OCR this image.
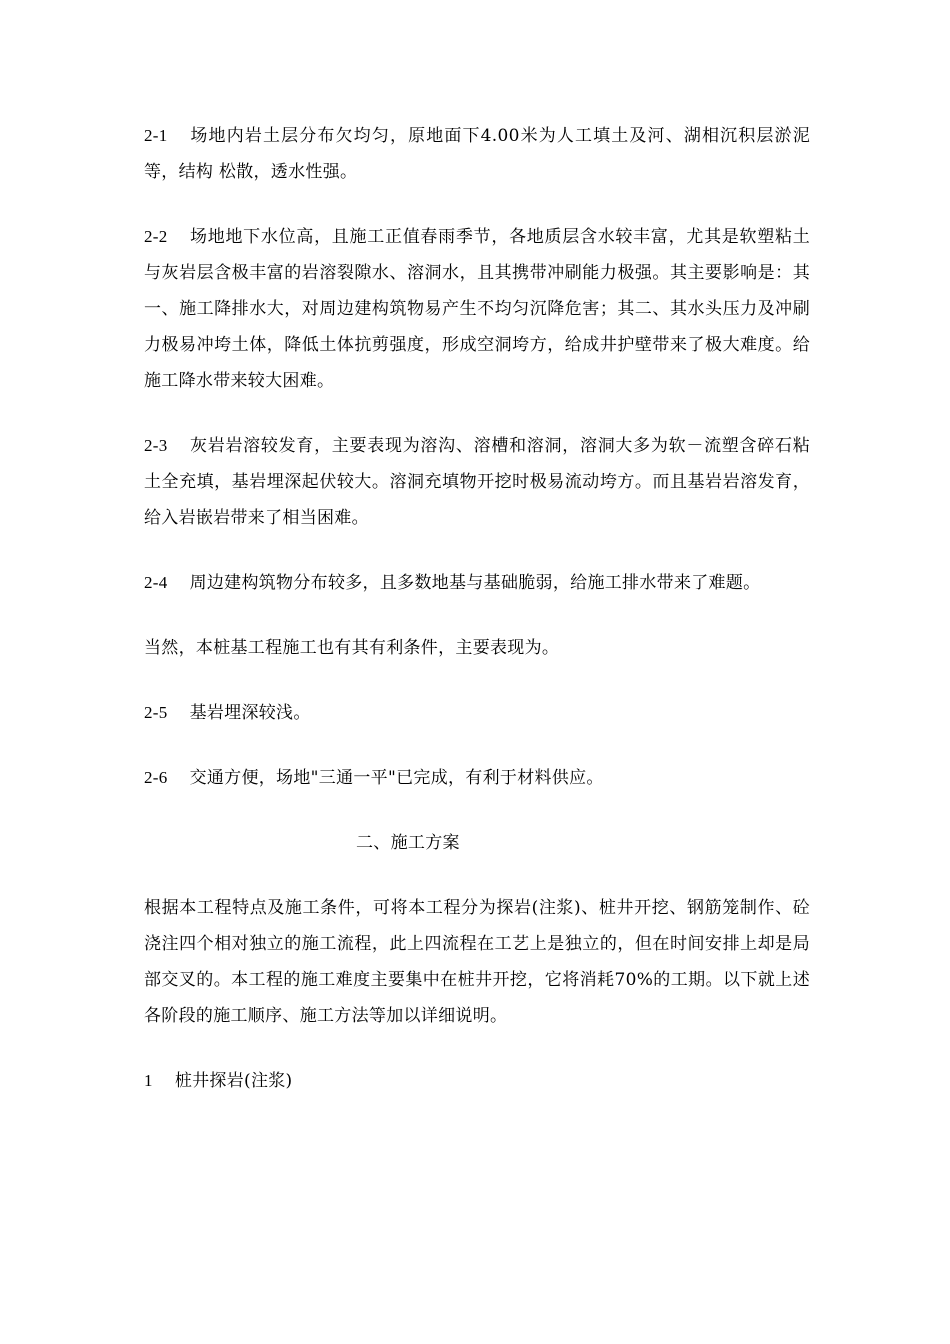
2-1 场地内岩土层分布欠均匀，原地面下4.00米为人工填土及河、湖相沉积层淤泥等，结构 松散，透水性强。

2-2 场地地下水位高，且施工正值春雨季节，各地质层含水较丰富，尤其是软塑粘土与灰岩层含极丰富的岩溶裂隙水、溶洞水，且其携带冲刷能力极强。其主要影响是：其一、施工降排水大，对周边建构筑物易产生不均匀沉降危害；其二、其水头压力及冲刷力极易冲垮土体，降低土体抗剪强度，形成空洞垮方，给成井护壁带来了极大难度。给施工降水带来较大困难。

2-3 灰岩岩溶较发育，主要表现为溶沟、溶槽和溶洞，溶洞大多为软－流塑含碎石粘土全充填，基岩埋深起伏较大。溶洞充填物开挖时极易流动垮方。而且基岩岩溶发育，给入岩嵌岩带来了相当困难。

2-4 周边建构筑物分布较多，且多数地基与基础脆弱，给施工排水带来了难题。

当然，本桩基工程施工也有其有利条件，主要表现为。

2-5 基岩埋深较浅。

2-6 交通方便，场地"三通一平"已完成，有利于材料供应。

二、施工方案

根据本工程特点及施工条件，可将本工程分为探岩(注浆)、桩井开挖、钢筋笼制作、砼浇注四个相对独立的施工流程，此上四流程在工艺上是独立的，但在时间安排上却是局部交叉的。本工程的施工难度主要集中在桩井开挖，它将消耗70%的工期。以下就上述各阶段的施工顺序、施工方法等加以详细说明。

1 桩井探岩(注浆)
